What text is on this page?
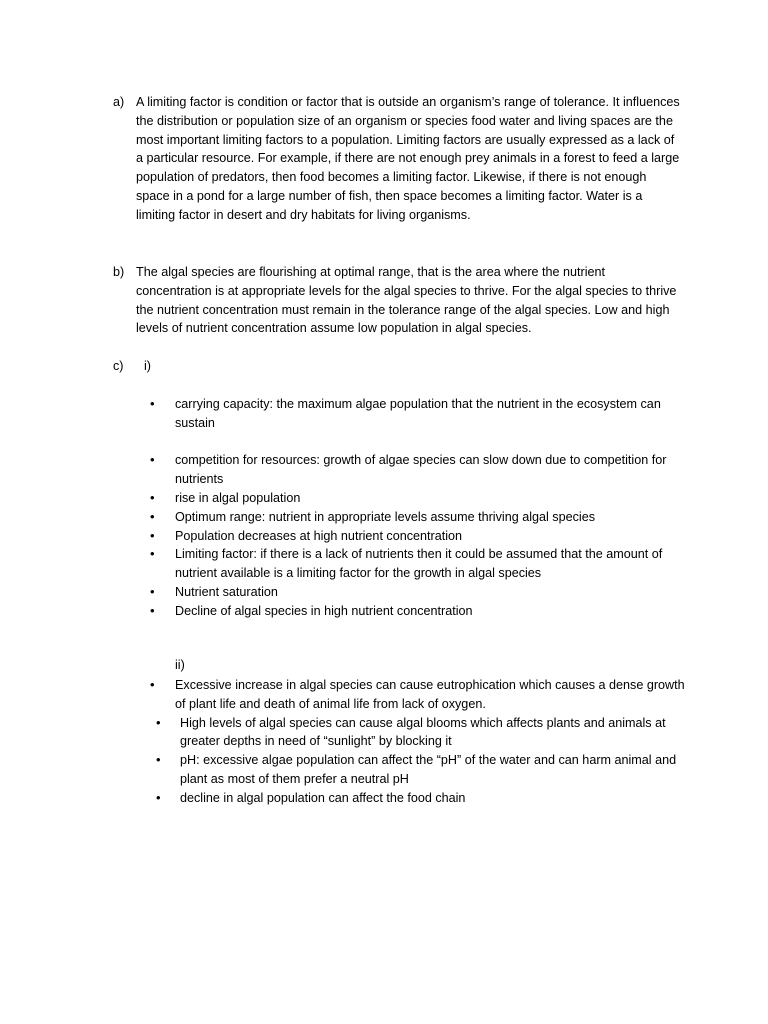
a) A limiting factor is condition or factor that is outside an organism’s range of tolerance. It influences the distribution or population size of an organism or species food water and living spaces are the most important limiting factors to a population. Limiting factors are usually expressed as a lack of a particular resource. For example, if there are not enough prey animals in a forest to feed a large population of predators, then food becomes a limiting factor. Likewise, if there is not enough space in a pond for a large number of fish, then space becomes a limiting factor. Water is a limiting factor in desert and dry habitats for living organisms.
b) The algal species are flourishing at optimal range, that is the area where the nutrient concentration is at appropriate levels for the algal species to thrive. For the algal species to thrive the nutrient concentration must remain in the tolerance range of the algal species. Low and high levels of nutrient concentration assume low population in algal species.
c) i)
• carrying capacity: the maximum algae population that the nutrient in the ecosystem can sustain
• competition for resources: growth of algae species can slow down due to competition for nutrients
• rise in algal population
• Optimum range: nutrient in appropriate levels assume thriving algal species
• Population decreases at high nutrient concentration
• Limiting factor: if there is a lack of nutrients then it could be assumed that the amount of nutrient available is a limiting factor for the growth in algal species
• Nutrient saturation
• Decline of algal species in high nutrient concentration
ii)
• Excessive increase in algal species can cause eutrophication which causes a dense growth of plant life and death of animal life from lack of oxygen.
• High levels of algal species can cause algal blooms which affects plants and animals at greater depths in need of “sunlight” by blocking it
• pH: excessive algae population can affect the “pH” of the water and can harm animal and plant as most of them prefer a neutral pH
• decline in algal population can affect the food chain
